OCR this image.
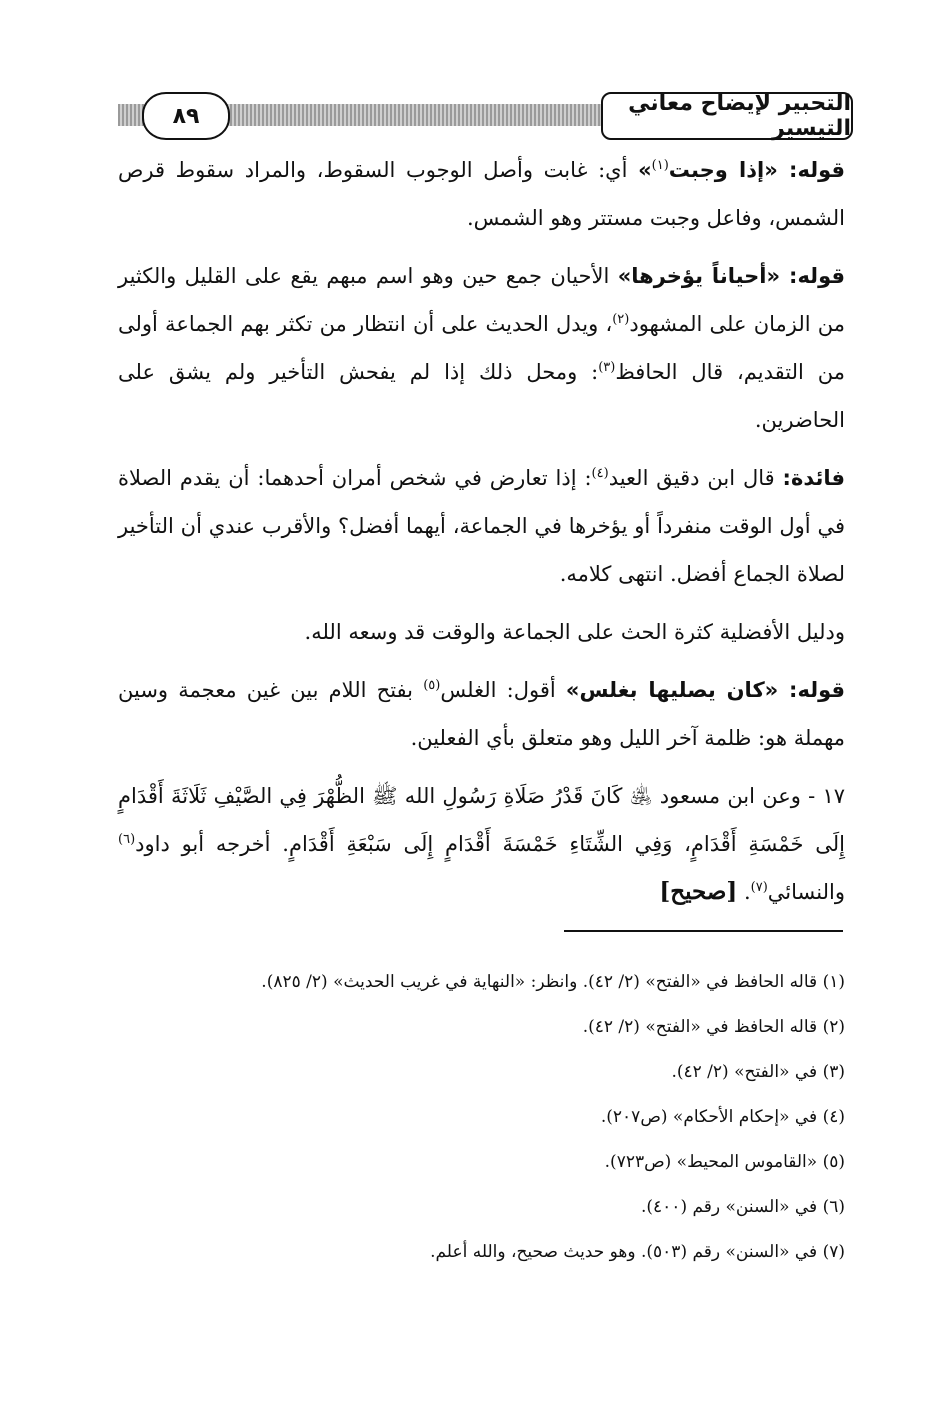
٨٩	التحبير لإيضاح معاني التيسير

قوله: «إذا وجبت$^{(١)}$» أي: غابت وأصل الوجوب السقوط، والمراد سقوط قرص الشمس، وفاعل وجبت مستتر وهو الشمس.

قوله: «أحياناً يؤخرها» الأحيان جمع حين وهو اسم مبهم يقع على القليل والكثير من الزمان على المشهود$^{(٢)}$، ويدل الحديث على أن انتظار من تكثر بهم الجماعة أولى من التقديم، قال الحافظ$^{(٣)}$: ومحل ذلك إذا لم يفحش التأخير ولم يشق على الحاضرين.

فائدة: قال ابن دقيق العيد$^{(٤)}$: إذا تعارض في شخص أمران أحدهما: أن يقدم الصلاة في أول الوقت منفرداً أو يؤخرها في الجماعة، أيهما أفضل؟ والأقرب عندي أن التأخير لصلاة الجماع أفضل. انتهى كلامه.

ودليل الأفضلية كثرة الحث على الجماعة والوقت قد وسعه الله.

قوله: «كان يصليها بغلس» أقول: الغلس$^{(٥)}$ بفتح اللام بين غين معجمة وسين مهملة هو: ظلمة آخر الليل وهو متعلق بأي الفعلين.

١٧ - وعن ابن مسعود ﵁ كَانَ قَدْرُ صَلَاةِ رَسُولِ الله ﷺ الظُّهْرَ فِي الصَّيْفِ ثَلَاثَةَ أَقْدَامٍ إِلَى خَمْسَةِ أَقْدَامٍ، وَفِي الشِّتَاءِ خَمْسَةَ أَقْدَامٍ إِلَى سَبْعَةِ أَقْدَامٍ. أخرجه أبو داود$^{(٦)}$ والنسائي$^{(٧)}$. [صحيح]

(١) قاله الحافظ في «الفتح» (٢/ ٤٢). وانظر: «النهاية في غريب الحديث» (٢/ ٨٢٥).
(٢) قاله الحافظ في «الفتح» (٢/ ٤٢).
(٣) في «الفتح» (٢/ ٤٢).
(٤) في «إحكام الأحكام» (ص٢٠٧).
(٥) «القاموس المحيط» (ص٧٢٣).
(٦) في «السنن» رقم (٤٠٠).
(٧) في «السنن» رقم (٥٠٣). وهو حديث صحيح، والله أعلم.
